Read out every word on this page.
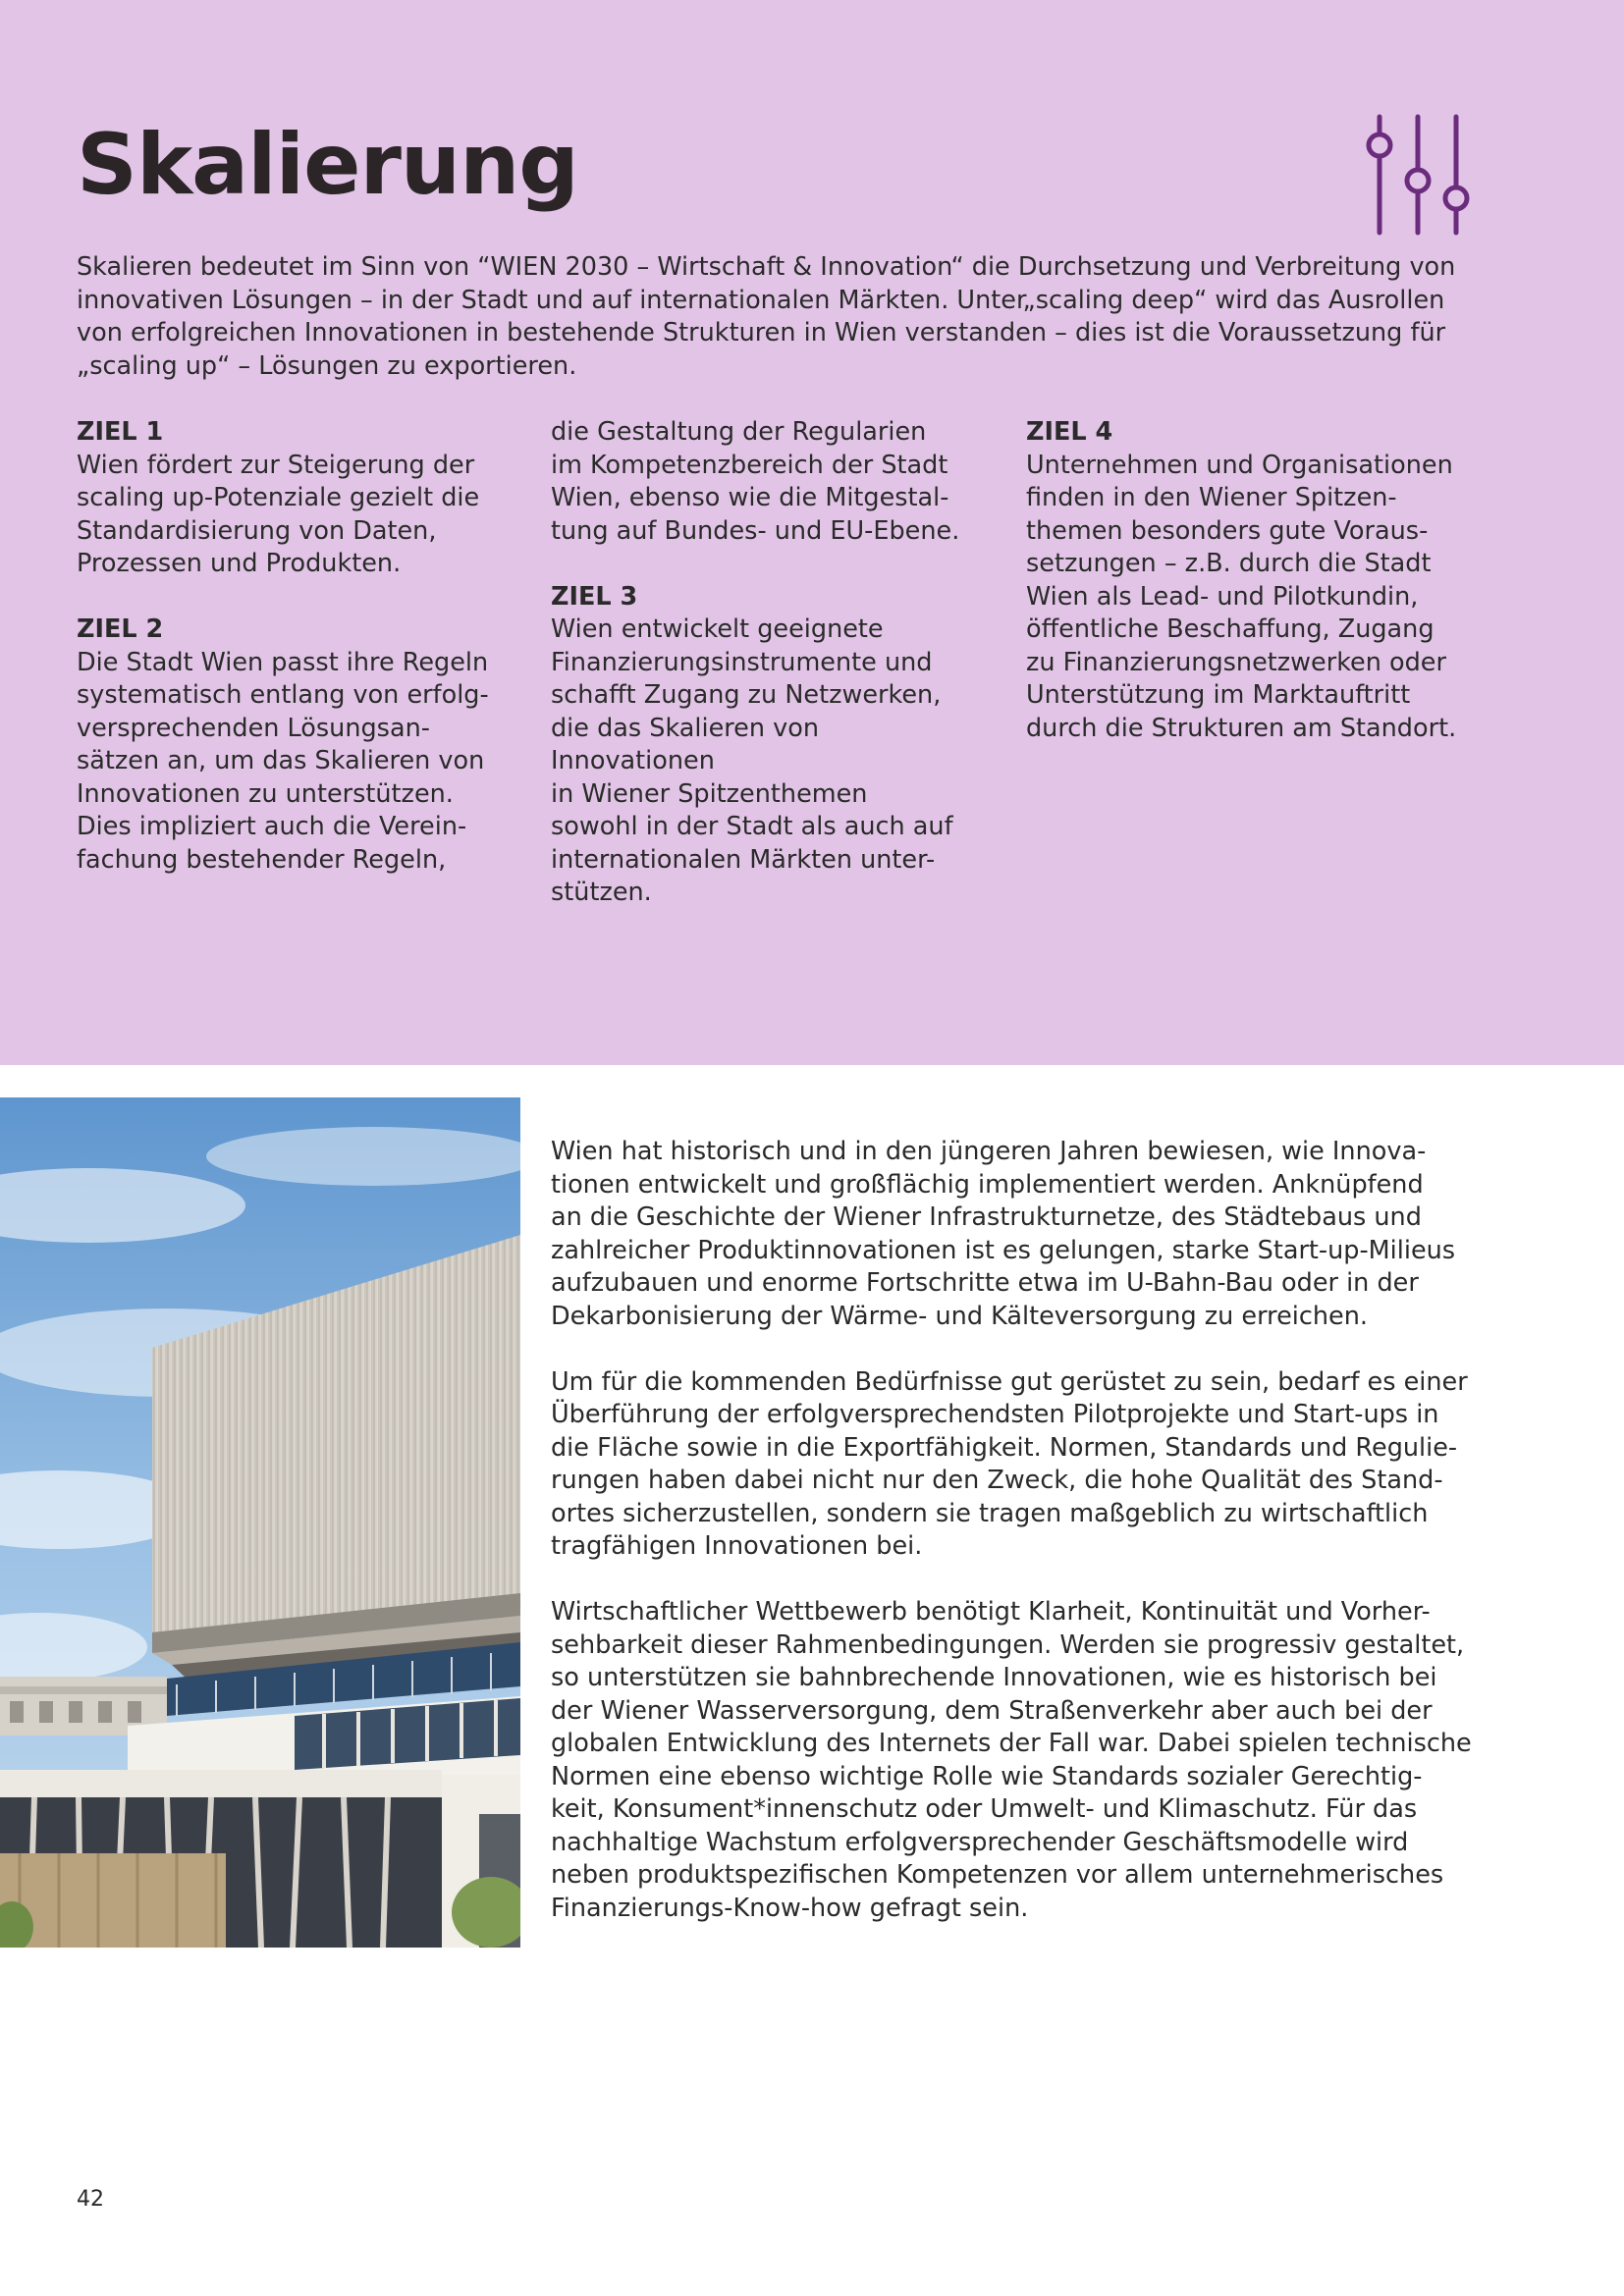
Skalierung

Skalieren bedeutet im Sinn von “WIEN 2030 – Wirtschaft & Innovation“ die Durchsetzung und Verbreitung von innovativen Lösungen – in der Stadt und auf internationalen Märkten. Unter„scaling deep“ wird das Ausrollen von erfolgreichen Innovationen in bestehende Strukturen in Wien verstanden – dies ist die Voraussetzung für „scaling up“ – Lösungen zu exportieren.

ZIEL 1

Wien fördert zur Steigerung der

scaling up-Potenziale gezielt die

Standardisierung von Daten,

Prozessen und Produkten.

ZIEL 2

Die Stadt Wien passt ihre Regeln

systematisch entlang von erfolg-

versprechenden Lösungsan-

sätzen an, um das Skalieren von

Innovationen zu unterstützen.

Dies impliziert auch die Verein-

fachung bestehender Regeln,

die Gestaltung der Regularien

im Kompetenzbereich der Stadt

Wien, ebenso wie die Mitgestal-

tung auf Bundes- und EU-Ebene.

ZIEL 3

Wien entwickelt geeignete

Finanzierungsinstrumente und

schafft Zugang zu Netzwerken,

die das Skalieren von Innovationen

in Wiener Spitzenthemen

sowohl in der Stadt als auch auf

internationalen Märkten unter-

stützen.

ZIEL 4

Unternehmen und Organisationen

finden in den Wiener Spitzen-

themen besonders gute Voraus-

setzungen – z.B. durch die Stadt

Wien als Lead- und Pilotkundin,

öffentliche Beschaffung, Zugang

zu Finanzierungsnetzwerken oder

Unterstützung im Marktauftritt

durch die Strukturen am Standort.

Wien hat historisch und in den jüngeren Jahren bewiesen, wie Innova-
tionen entwickelt und großflächig implementiert werden. Anknüpfend
an die Geschichte der Wiener Infrastrukturnetze, des Städtebaus und
zahlreicher Produktinnovationen ist es gelungen, starke Start-up-Milieus
aufzubauen und enorme Fortschritte etwa im U-Bahn-Bau oder in der
Dekarbonisierung der Wärme- und Kälteversorgung zu erreichen.

Um für die kommenden Bedürfnisse gut gerüstet zu sein, bedarf es einer
Überführung der erfolgversprechendsten Pilotprojekte und Start-ups in
die Fläche sowie in die Exportfähigkeit. Normen, Standards und Regulie-
rungen haben dabei nicht nur den Zweck, die hohe Qualität des Stand-
ortes sicherzustellen, sondern sie tragen maßgeblich zu wirtschaftlich
tragfähigen Innovationen bei.

Wirtschaftlicher Wettbewerb benötigt Klarheit, Kontinuität und Vorher-
sehbarkeit dieser Rahmenbedingungen. Werden sie progressiv gestaltet,
so unterstützen sie bahnbrechende Innovationen, wie es historisch bei
der Wiener Wasserversorgung, dem Straßenverkehr aber auch bei der
globalen Entwicklung des Internets der Fall war. Dabei spielen technische
Normen eine ebenso wichtige Rolle wie Standards sozialer Gerechtig-
keit, Konsument*innenschutz oder Umwelt- und Klimaschutz. Für das
nachhaltige Wachstum erfolgversprechender Geschäftsmodelle wird
neben produktspezifischen Kompetenzen vor allem unternehmerisches
Finanzierungs-Know-how gefragt sein.

42
